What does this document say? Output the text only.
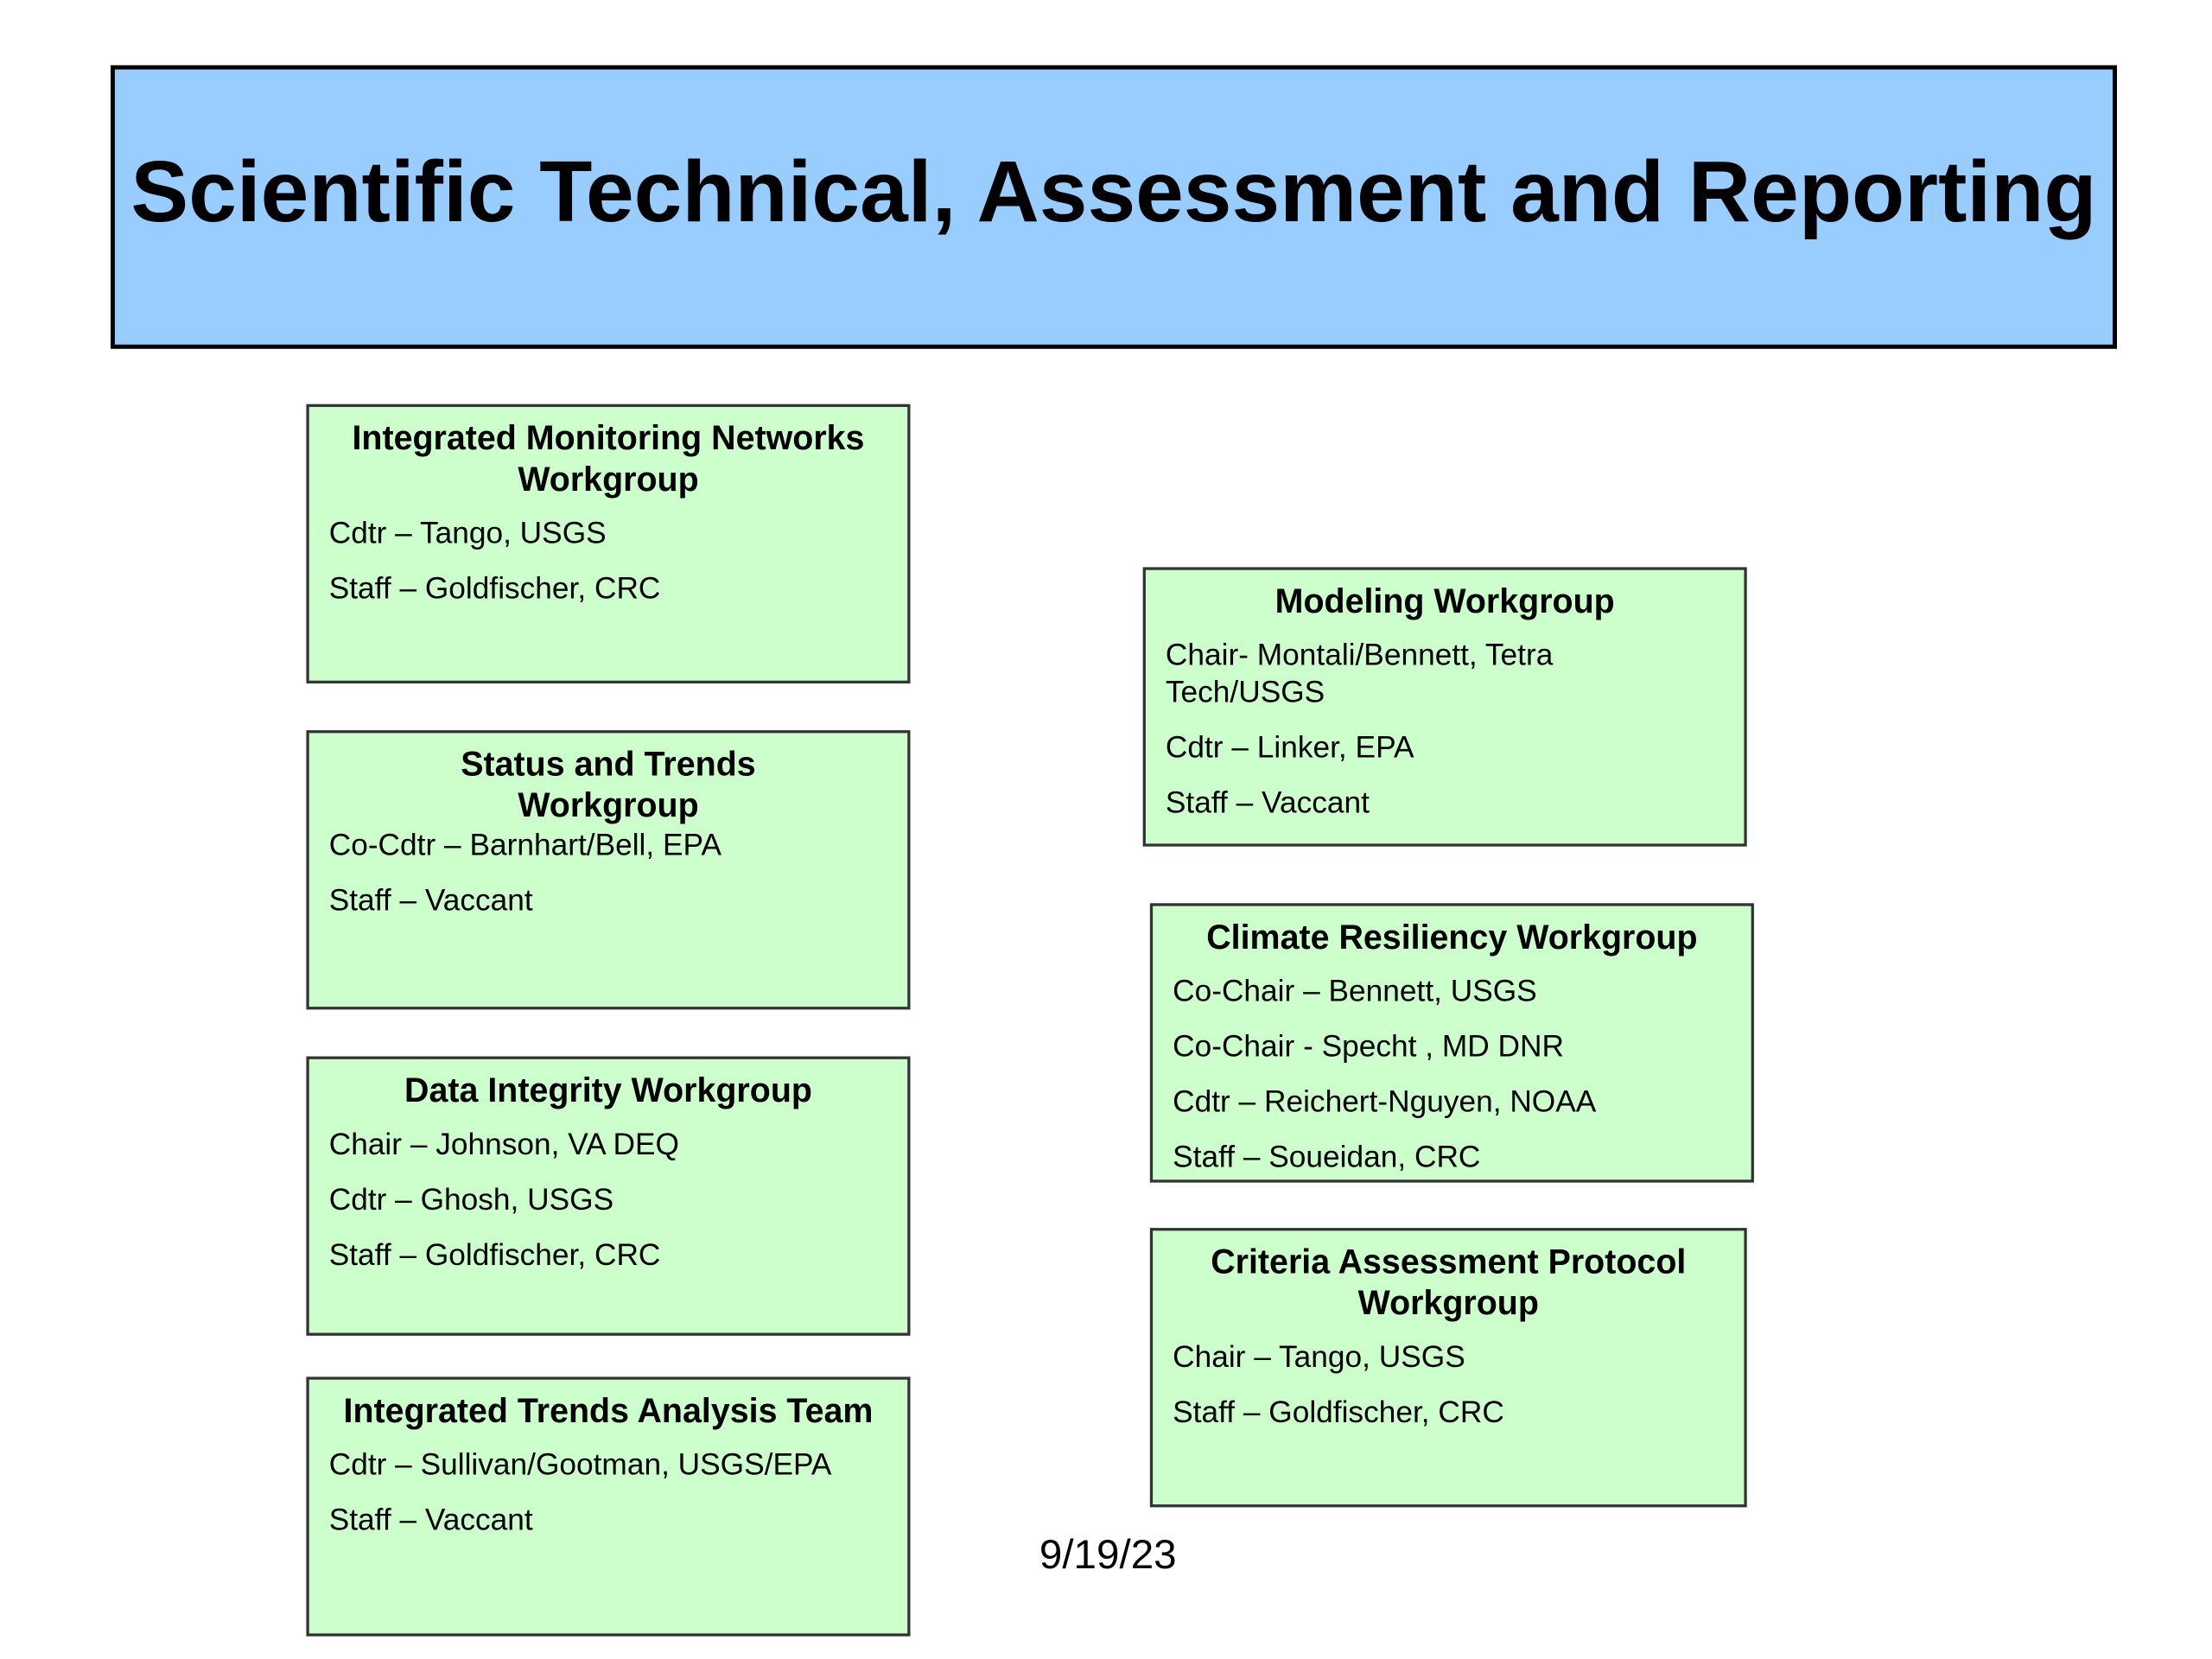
Scientific Technical, Assessment and Reporting
Integrated Monitoring Networks Workgroup
Cdtr – Tango, USGS
Staff – Goldfischer, CRC
Status and Trends Workgroup
Co-Cdtr – Barnhart/Bell, EPA
Staff – Vaccant
Data Integrity Workgroup
Chair – Johnson, VA DEQ
Cdtr – Ghosh, USGS
Staff – Goldfischer, CRC
Integrated Trends Analysis Team
Cdtr – Sullivan/Gootman, USGS/EPA
Staff – Vaccant
Modeling Workgroup
Chair- Montali/Bennett, Tetra Tech/USGS
Cdtr – Linker, EPA
Staff – Vaccant
Climate Resiliency Workgroup
Co-Chair – Bennett, USGS
Co-Chair - Specht , MD DNR
Cdtr – Reichert-Nguyen, NOAA
Staff – Soueidan, CRC
Criteria Assessment Protocol Workgroup
Chair – Tango, USGS
Staff – Goldfischer, CRC
9/19/23
